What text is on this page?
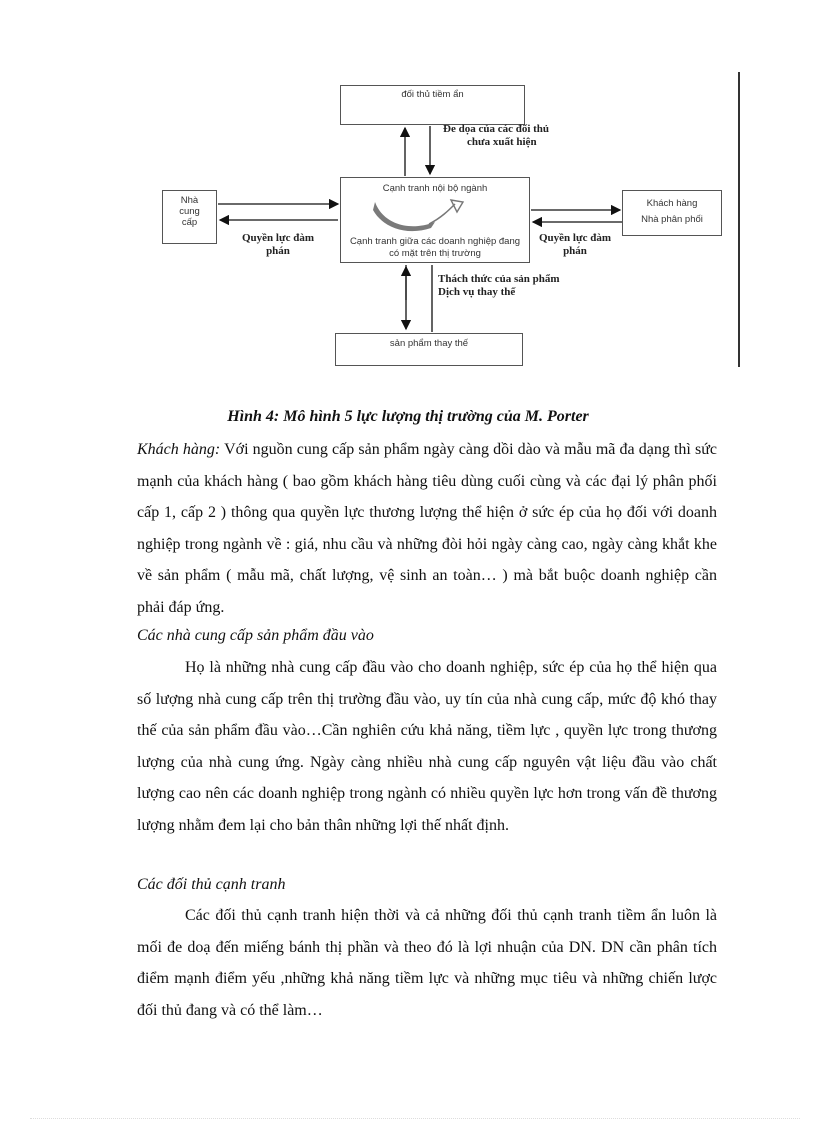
đối thủ tiềm ẩn
Đe dọa của các đối thủ
chưa xuất hiện
Nhà
cung
cấp
Cạnh tranh nội bộ ngành
Cạnh tranh giữa các doanh nghiệp đang có mặt trên thị trường
Khách hàng
Nhà phân phối
Quyền lực đàm phán
Quyền lực đàm phán
Thách thức của sản phẩm
Dịch vụ thay thế
sản phẩm thay thế
Hình 4: Mô hình 5 lực lượng thị trường của M. Porter
Khách hàng: Với nguồn cung cấp sản phẩm ngày càng dồi dào và mẫu mã đa dạng thì sức mạnh của khách hàng ( bao gồm khách hàng tiêu dùng cuối cùng và các đại lý phân phối cấp 1, cấp 2 ) thông qua quyền lực thương lượng thể hiện ở sức ép của họ đối với doanh nghiệp trong ngành về : giá, nhu cầu và những đòi hỏi ngày càng cao, ngày càng khắt khe về sản phẩm ( mẫu mã, chất lượng, vệ sinh an toàn… ) mà bắt buộc doanh nghiệp cần phải đáp ứng.
Các nhà cung cấp sản phẩm đầu vào
Họ là những nhà cung cấp đầu vào cho doanh nghiệp, sức ép của họ thể hiện qua số lượng nhà cung cấp trên thị trường đầu vào, uy tín của nhà cung cấp, mức độ khó thay thế của sản phẩm đầu vào…Cần nghiên cứu khả năng, tiềm lực , quyền lực trong thương lượng của nhà cung ứng. Ngày càng nhiều nhà cung cấp nguyên vật liệu đầu vào chất lượng cao nên các doanh nghiệp trong ngành có nhiều quyền lực hơn trong vấn đề thương lượng nhằm đem lại cho bản thân những lợi thế nhất định.
Các đối thủ cạnh tranh
Các đối thủ cạnh tranh hiện thời và cả những đối thủ cạnh tranh tiềm ẩn luôn là mối đe doạ đến miếng bánh thị phần và theo đó là lợi nhuận của DN. DN cần phân tích điểm mạnh điểm yếu ,những khả năng tiềm lực và những mục tiêu và những chiến lược đối thủ đang và có thể làm…
